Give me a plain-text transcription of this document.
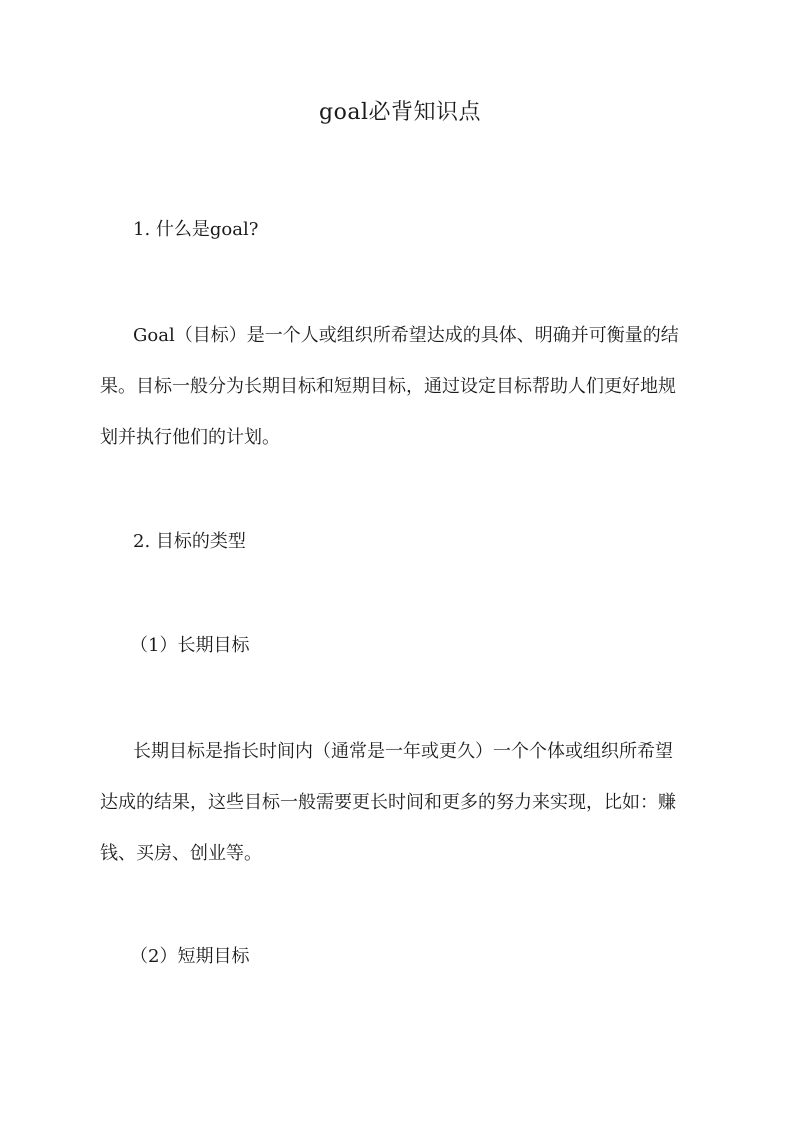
goal必背知识点
1. 什么是goal?
Goal（目标）是一个人或组织所希望达成的具体、明确并可衡量的结
果。目标一般分为长期目标和短期目标，通过设定目标帮助人们更好地规
划并执行他们的计划。
2. 目标的类型
（1）长期目标
长期目标是指长时间内（通常是一年或更久）一个个体或组织所希望
达成的结果，这些目标一般需要更长时间和更多的努力来实现，比如：赚
钱、买房、创业等。
（2）短期目标
